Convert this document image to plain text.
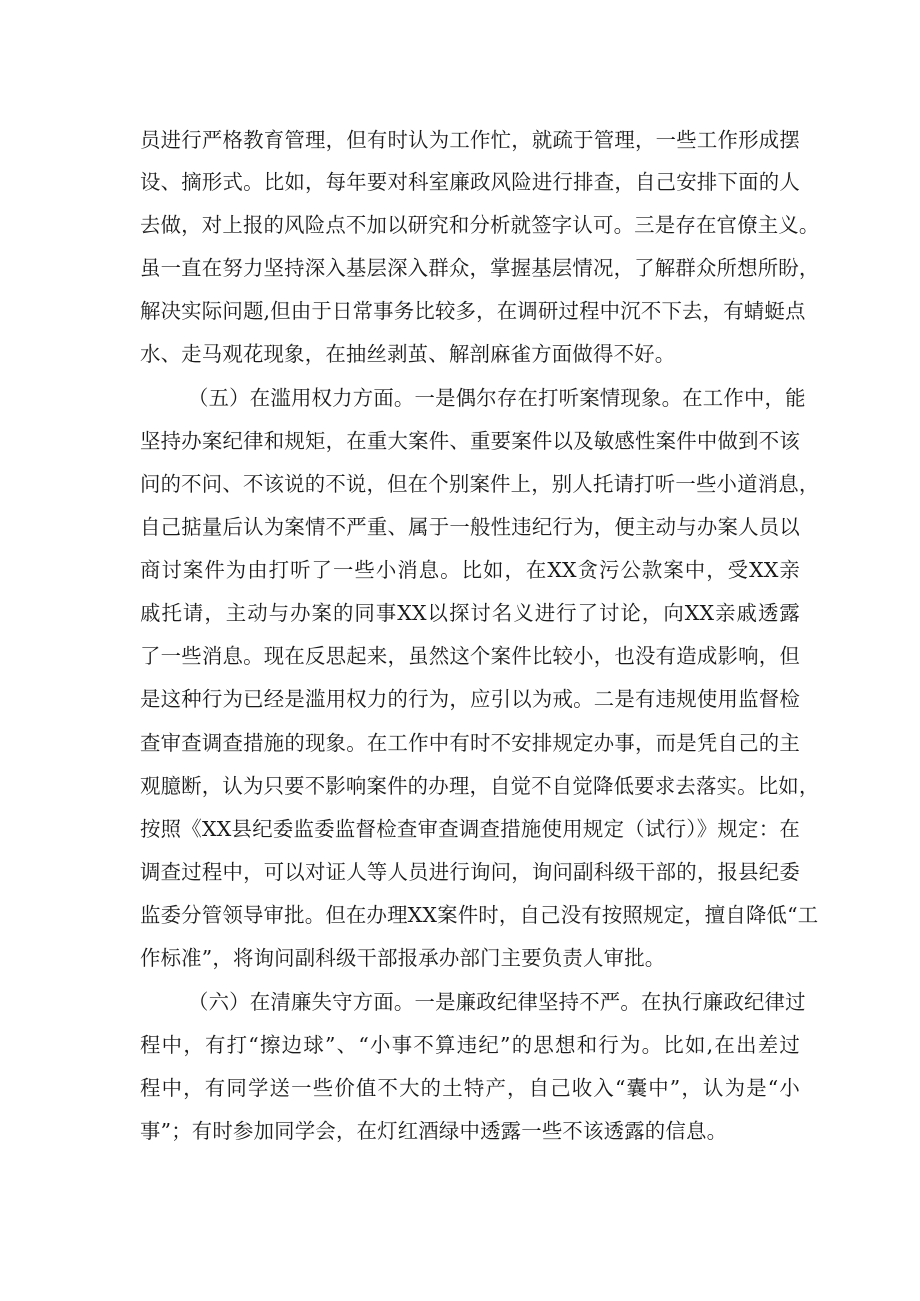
员进行严格教育管理，但有时认为工作忙，就疏于管理，一些工作形成摆
设、摘形式。比如，每年要对科室廉政风险进行排查，自己安排下面的人
去做，对上报的风险点不加以研究和分析就签字认可。三是存在官僚主义。
虽一直在努力坚持深入基层深入群众，掌握基层情况，了解群众所想所盼，
解决实际问题,但由于日常事务比较多，在调研过程中沉不下去，有蜻蜓点
水、走马观花现象，在抽丝剥茧、解剖麻雀方面做得不好。
（五）在滥用权力方面。一是偶尔存在打听案情现象。在工作中，能
坚持办案纪律和规矩，在重大案件、重要案件以及敏感性案件中做到不该
问的不问、不该说的不说，但在个别案件上，别人托请打听一些小道消息，
自己掂量后认为案情不严重、属于一般性违纪行为，便主动与办案人员以
商讨案件为由打听了一些小消息。比如，在XX贪污公款案中，受XX亲
戚托请，主动与办案的同事XX以探讨名义进行了讨论，向XX亲戚透露
了一些消息。现在反思起来，虽然这个案件比较小，也没有造成影响，但
是这种行为已经是滥用权力的行为，应引以为戒。二是有违规使用监督检
查审查调查措施的现象。在工作中有时不安排规定办事，而是凭自己的主
观臆断，认为只要不影响案件的办理，自觉不自觉降低要求去落实。比如，
按照《XX县纪委监委监督检查审查调查措施使用规定（试行）》规定：在
调查过程中，可以对证人等人员进行询问，询问副科级干部的，报县纪委
监委分管领导审批。但在办理XX案件时，自己没有按照规定，擅自降低“工
作标准”，将询问副科级干部报承办部门主要负责人审批。
（六）在清廉失守方面。一是廉政纪律坚持不严。在执行廉政纪律过
程中，有打“擦边球”、“小事不算违纪”的思想和行为。比如,在出差过
程中，有同学送一些价值不大的土特产，自己收入“囊中”，认为是“小
事”；有时参加同学会，在灯红酒绿中透露一些不该透露的信息。
